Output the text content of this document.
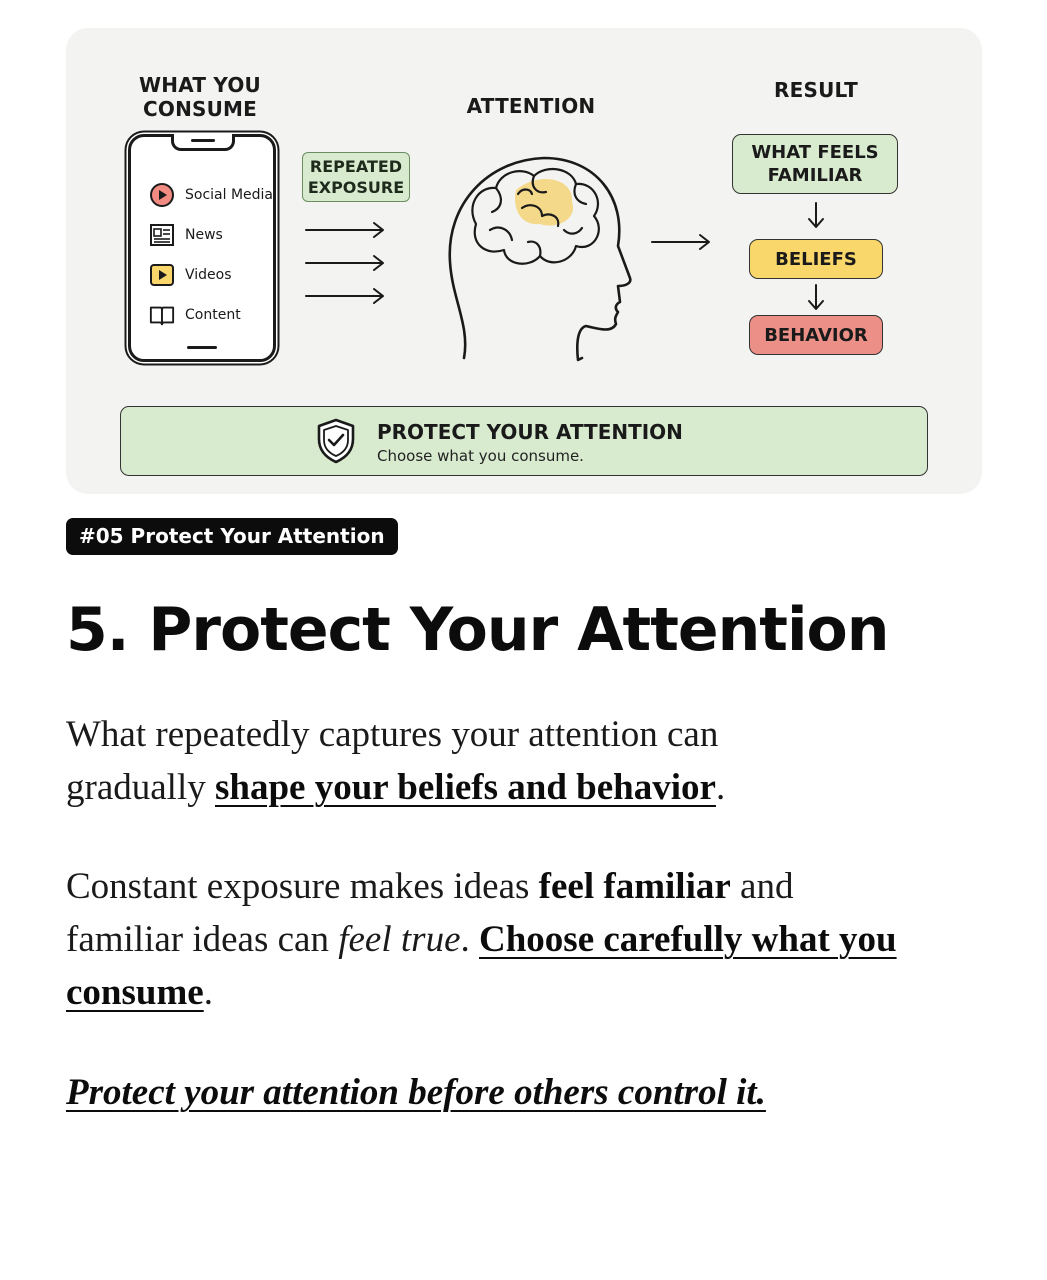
WHAT YOU
CONSUME
Social Media
News
Videos
Content
REPEATED
EXPOSURE
ATTENTION
RESULT
WHAT FEELS
FAMILIAR
BELIEFS
BEHAVIOR
PROTECT YOUR ATTENTION
Choose what you consume.
#05 Protect Your Attention
5. Protect Your Attention

What repeatedly captures your attention can
gradually shape your beliefs and behavior.

Constant exposure makes ideas feel familiar and
familiar ideas can feel true. Choose carefully what you
consume.

Protect your attention before others control it.
